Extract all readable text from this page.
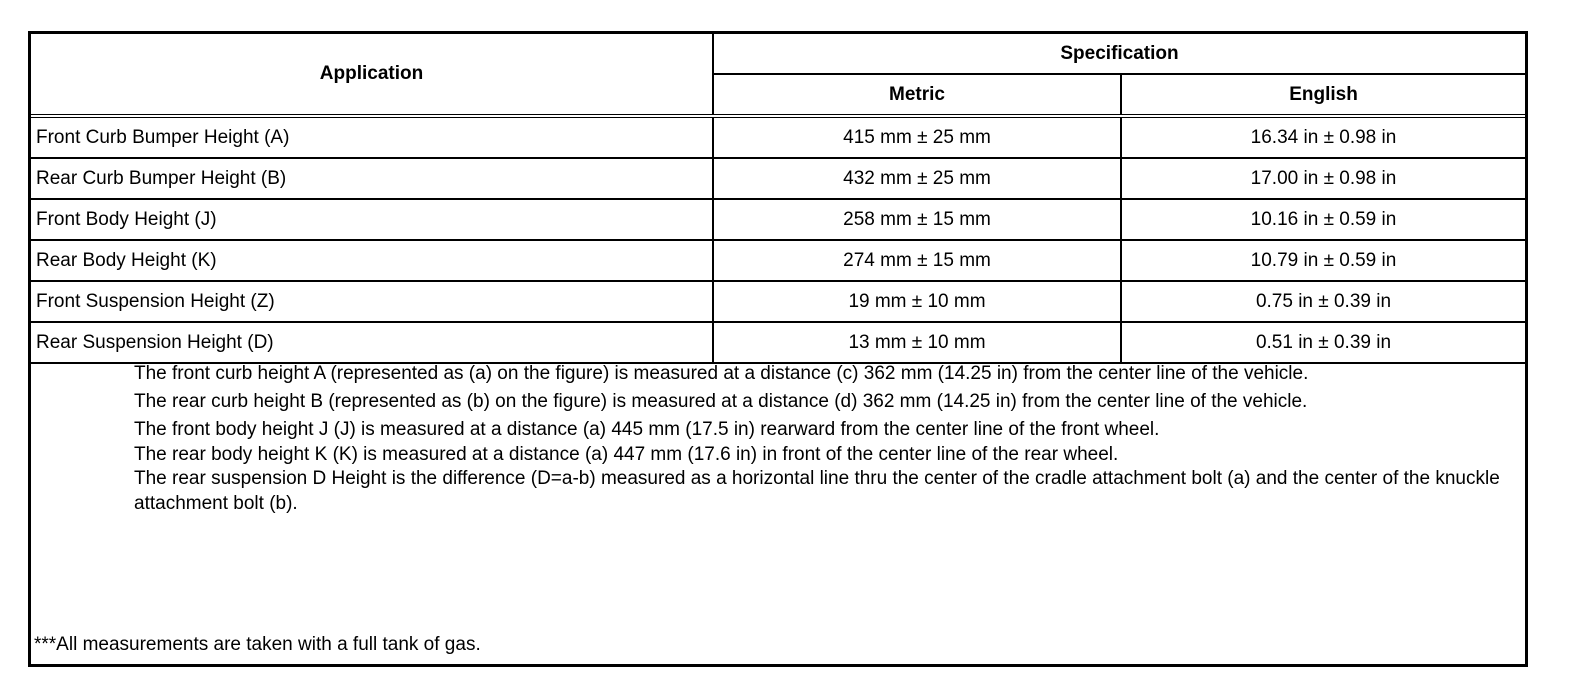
Application	Specification	
	Metric	English
Front Curb Bumper Height (A)	415 mm ± 25 mm	16.34 in ± 0.98 in
Rear Curb Bumper Height (B)	432 mm ± 25 mm	17.00 in ± 0.98 in
Front Body Height (J)	258 mm ± 15 mm	10.16 in ± 0.59 in
Rear Body Height (K)	274 mm ± 15 mm	10.79 in ± 0.59 in
Front Suspension Height (Z)	19 mm ± 10 mm	0.75 in ± 0.39 in
Rear Suspension Height (D)	13 mm ± 10 mm	0.51 in ± 0.39 in
The front curb height A (represented as (a) on the figure) is measured at a distance (c) 362 mm (14.25 in) from the center line of the vehicle.
The rear curb height B (represented as (b) on the figure) is measured at a distance (d) 362 mm (14.25 in) from the center line of the vehicle.
The front body height J (J) is measured at a distance (a) 445 mm (17.5 in) rearward from the center line of the front wheel.
The rear body height K (K) is measured at a distance (a) 447 mm (17.6 in) in front of the center line of the rear wheel.
The rear suspension D Height is the difference (D=a-b) measured as a horizontal line thru the center of the cradle attachment bolt (a) and the center of the knuckle attachment bolt (b).
***All measurements are taken with a full tank of gas.
